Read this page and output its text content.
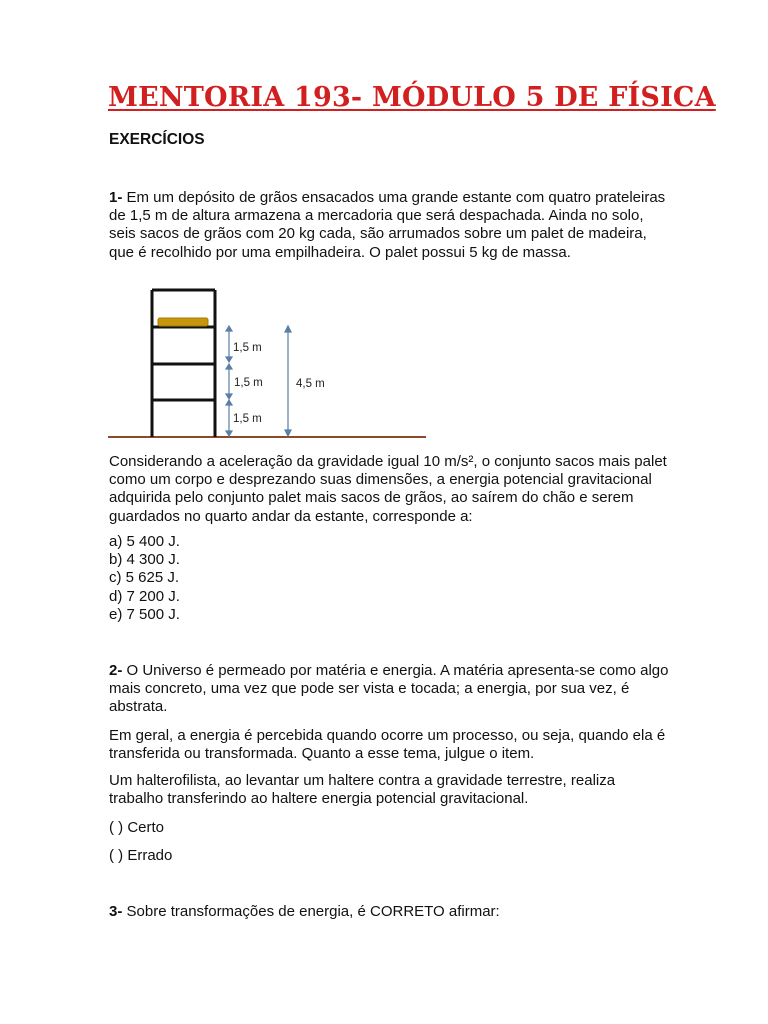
MENTORIA 193- MÓDULO 5 DE FÍSICA
EXERCÍCIOS

1- Em um depósito de grãos ensacados uma grande estante com quatro prateleiras de 1,5 m de altura armazena a mercadoria que será despachada. Ainda no solo, seis sacos de grãos com 20 kg cada, são arrumados sobre um palet de madeira, que é recolhido por uma empilhadeira. O palet possui 5 kg de massa.

1,5 m
1,5 m
1,5 m
4,5 m

Considerando a aceleração da gravidade igual 10 m/s², o conjunto sacos mais palet como um corpo e desprezando suas dimensões, a energia potencial gravitacional adquirida pelo conjunto palet mais sacos de grãos, ao saírem do chão e serem guardados no quarto andar da estante, corresponde a:

a) 5 400 J.
b) 4 300 J.
c) 5 625 J.
d) 7 200 J.
e) 7 500 J.

2- O Universo é permeado por matéria e energia. A matéria apresenta-se como algo mais concreto, uma vez que pode ser vista e tocada; a energia, por sua vez, é abstrata.

Em geral, a energia é percebida quando ocorre um processo, ou seja, quando ela é transferida ou transformada. Quanto a esse tema, julgue o item.

Um halterofilista, ao levantar um haltere contra a gravidade terrestre, realiza trabalho transferindo ao haltere energia potencial gravitacional.

( ) Certo

( ) Errado

3- Sobre transformações de energia, é CORRETO afirmar:
